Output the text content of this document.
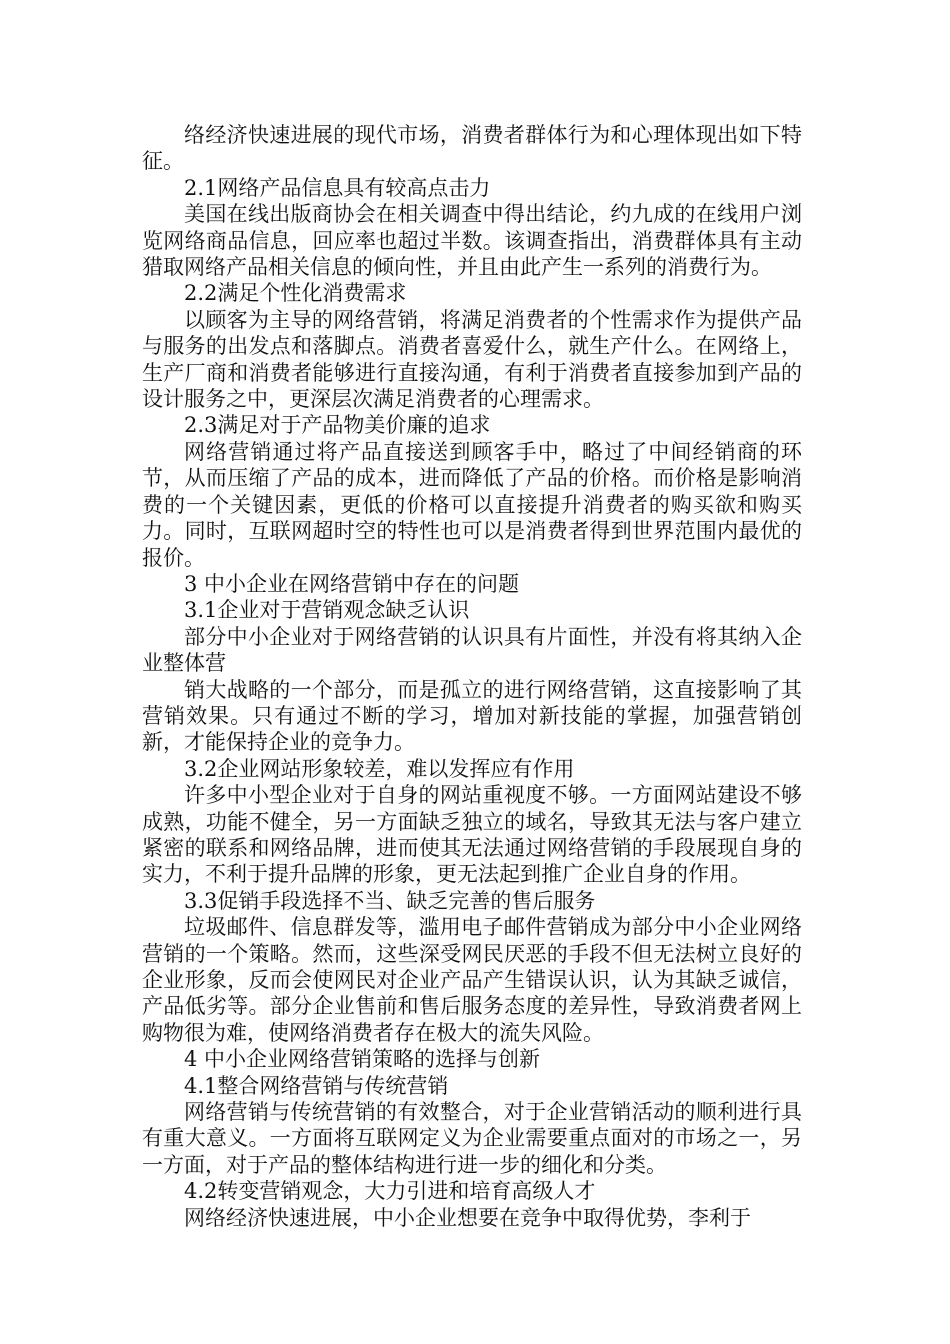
络经济快速进展的现代市场，消费者群体行为和心理体现出如下特征。

2.1网络产品信息具有较高点击力

美国在线出版商协会在相关调查中得出结论，约九成的在线用户浏览网络商品信息，回应率也超过半数。该调查指出，消费群体具有主动猎取网络产品相关信息的倾向性，并且由此产生一系列的消费行为。

2.2满足个性化消费需求

以顾客为主导的网络营销，将满足消费者的个性需求作为提供产品与服务的出发点和落脚点。消费者喜爱什么，就生产什么。在网络上，生产厂商和消费者能够进行直接沟通，有利于消费者直接参加到产品的设计服务之中，更深层次满足消费者的心理需求。

2.3满足对于产品物美价廉的追求

网络营销通过将产品直接送到顾客手中，略过了中间经销商的环节，从而压缩了产品的成本，进而降低了产品的价格。而价格是影响消费的一个关键因素，更低的价格可以直接提升消费者的购买欲和购买力。同时，互联网超时空的特性也可以是消费者得到世界范围内最优的报价。

3 中小企业在网络营销中存在的问题

3.1企业对于营销观念缺乏认识

部分中小企业对于网络营销的认识具有片面性，并没有将其纳入企业整体营

销大战略的一个部分，而是孤立的进行网络营销，这直接影响了其营销效果。只有通过不断的学习，增加对新技能的掌握，加强营销创新，才能保持企业的竞争力。

3.2企业网站形象较差，难以发挥应有作用

许多中小型企业对于自身的网站重视度不够。一方面网站建设不够成熟，功能不健全，另一方面缺乏独立的域名，导致其无法与客户建立紧密的联系和网络品牌，进而使其无法通过网络营销的手段展现自身的实力，不利于提升品牌的形象，更无法起到推广企业自身的作用。

3.3促销手段选择不当、缺乏完善的售后服务

垃圾邮件、信息群发等，滥用电子邮件营销成为部分中小企业网络营销的一个策略。然而，这些深受网民厌恶的手段不但无法树立良好的企业形象，反而会使网民对企业产品产生错误认识，认为其缺乏诚信，产品低劣等。部分企业售前和售后服务态度的差异性，导致消费者网上购物很为难，使网络消费者存在极大的流失风险。

4 中小企业网络营销策略的选择与创新

4.1整合网络营销与传统营销

网络营销与传统营销的有效整合，对于企业营销活动的顺利进行具有重大意义。一方面将互联网定义为企业需要重点面对的市场之一，另一方面，对于产品的整体结构进行进一步的细化和分类。

4.2转变营销观念，大力引进和培育高级人才

网络经济快速进展，中小企业想要在竞争中取得优势，李利于
